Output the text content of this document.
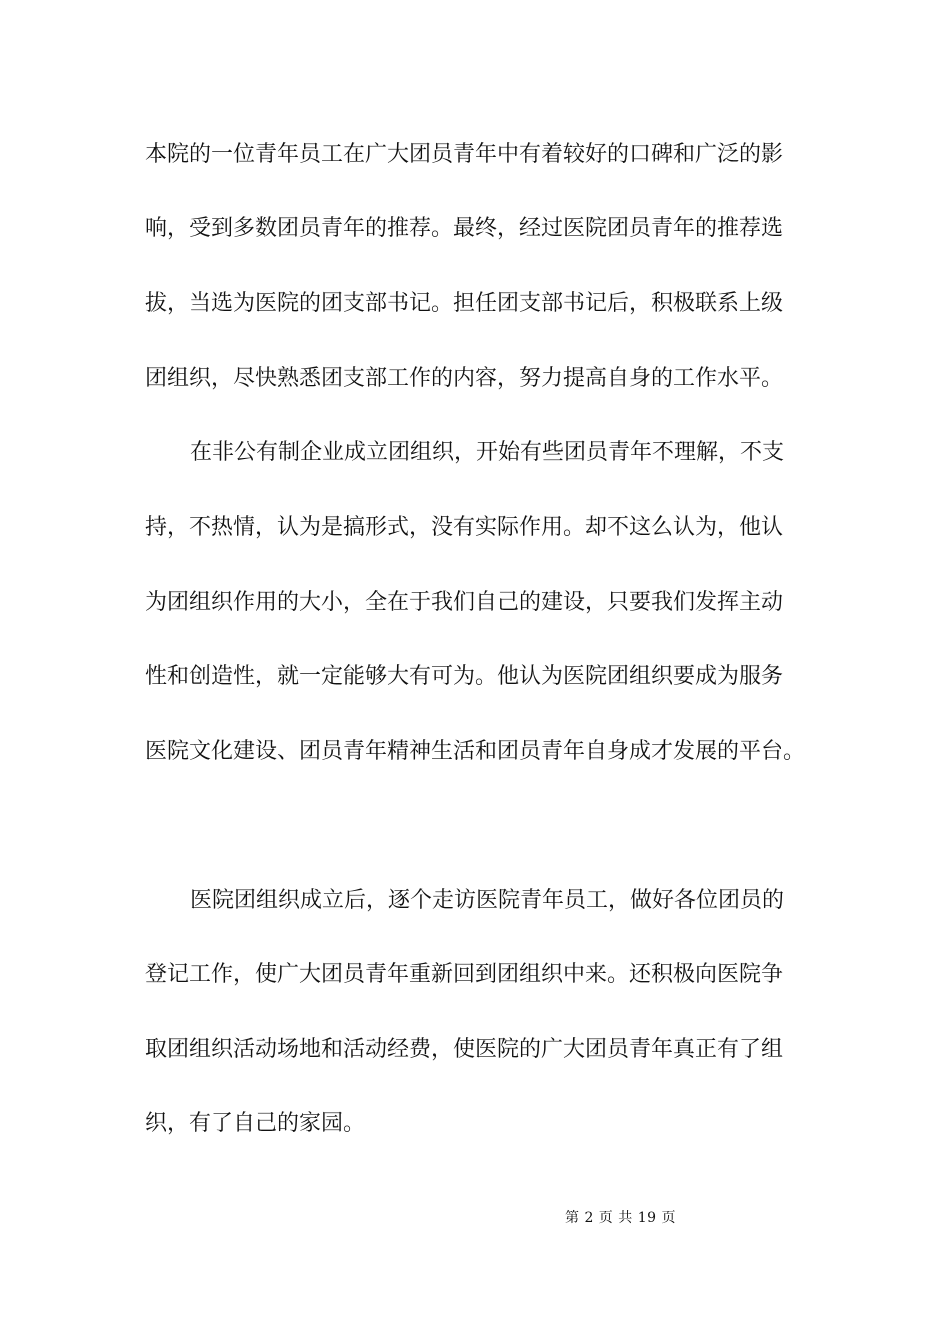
本院的一位青年员工在广大团员青年中有着较好的口碑和广泛的影
响，受到多数团员青年的推荐。最终，经过医院团员青年的推荐选
拔，当选为医院的团支部书记。担任团支部书记后，积极联系上级
团组织，尽快熟悉团支部工作的内容，努力提高自身的工作水平。
在非公有制企业成立团组织，开始有些团员青年不理解，不支
持，不热情，认为是搞形式，没有实际作用。却不这么认为，他认
为团组织作用的大小，全在于我们自己的建设，只要我们发挥主动
性和创造性，就一定能够大有可为。他认为医院团组织要成为服务
医院文化建设、团员青年精神生活和团员青年自身成才发展的平台。
医院团组织成立后，逐个走访医院青年员工，做好各位团员的
登记工作，使广大团员青年重新回到团组织中来。还积极向医院争
取团组织活动场地和活动经费，使医院的广大团员青年真正有了组
织，有了自己的家园。
第 2 页 共 19 页
